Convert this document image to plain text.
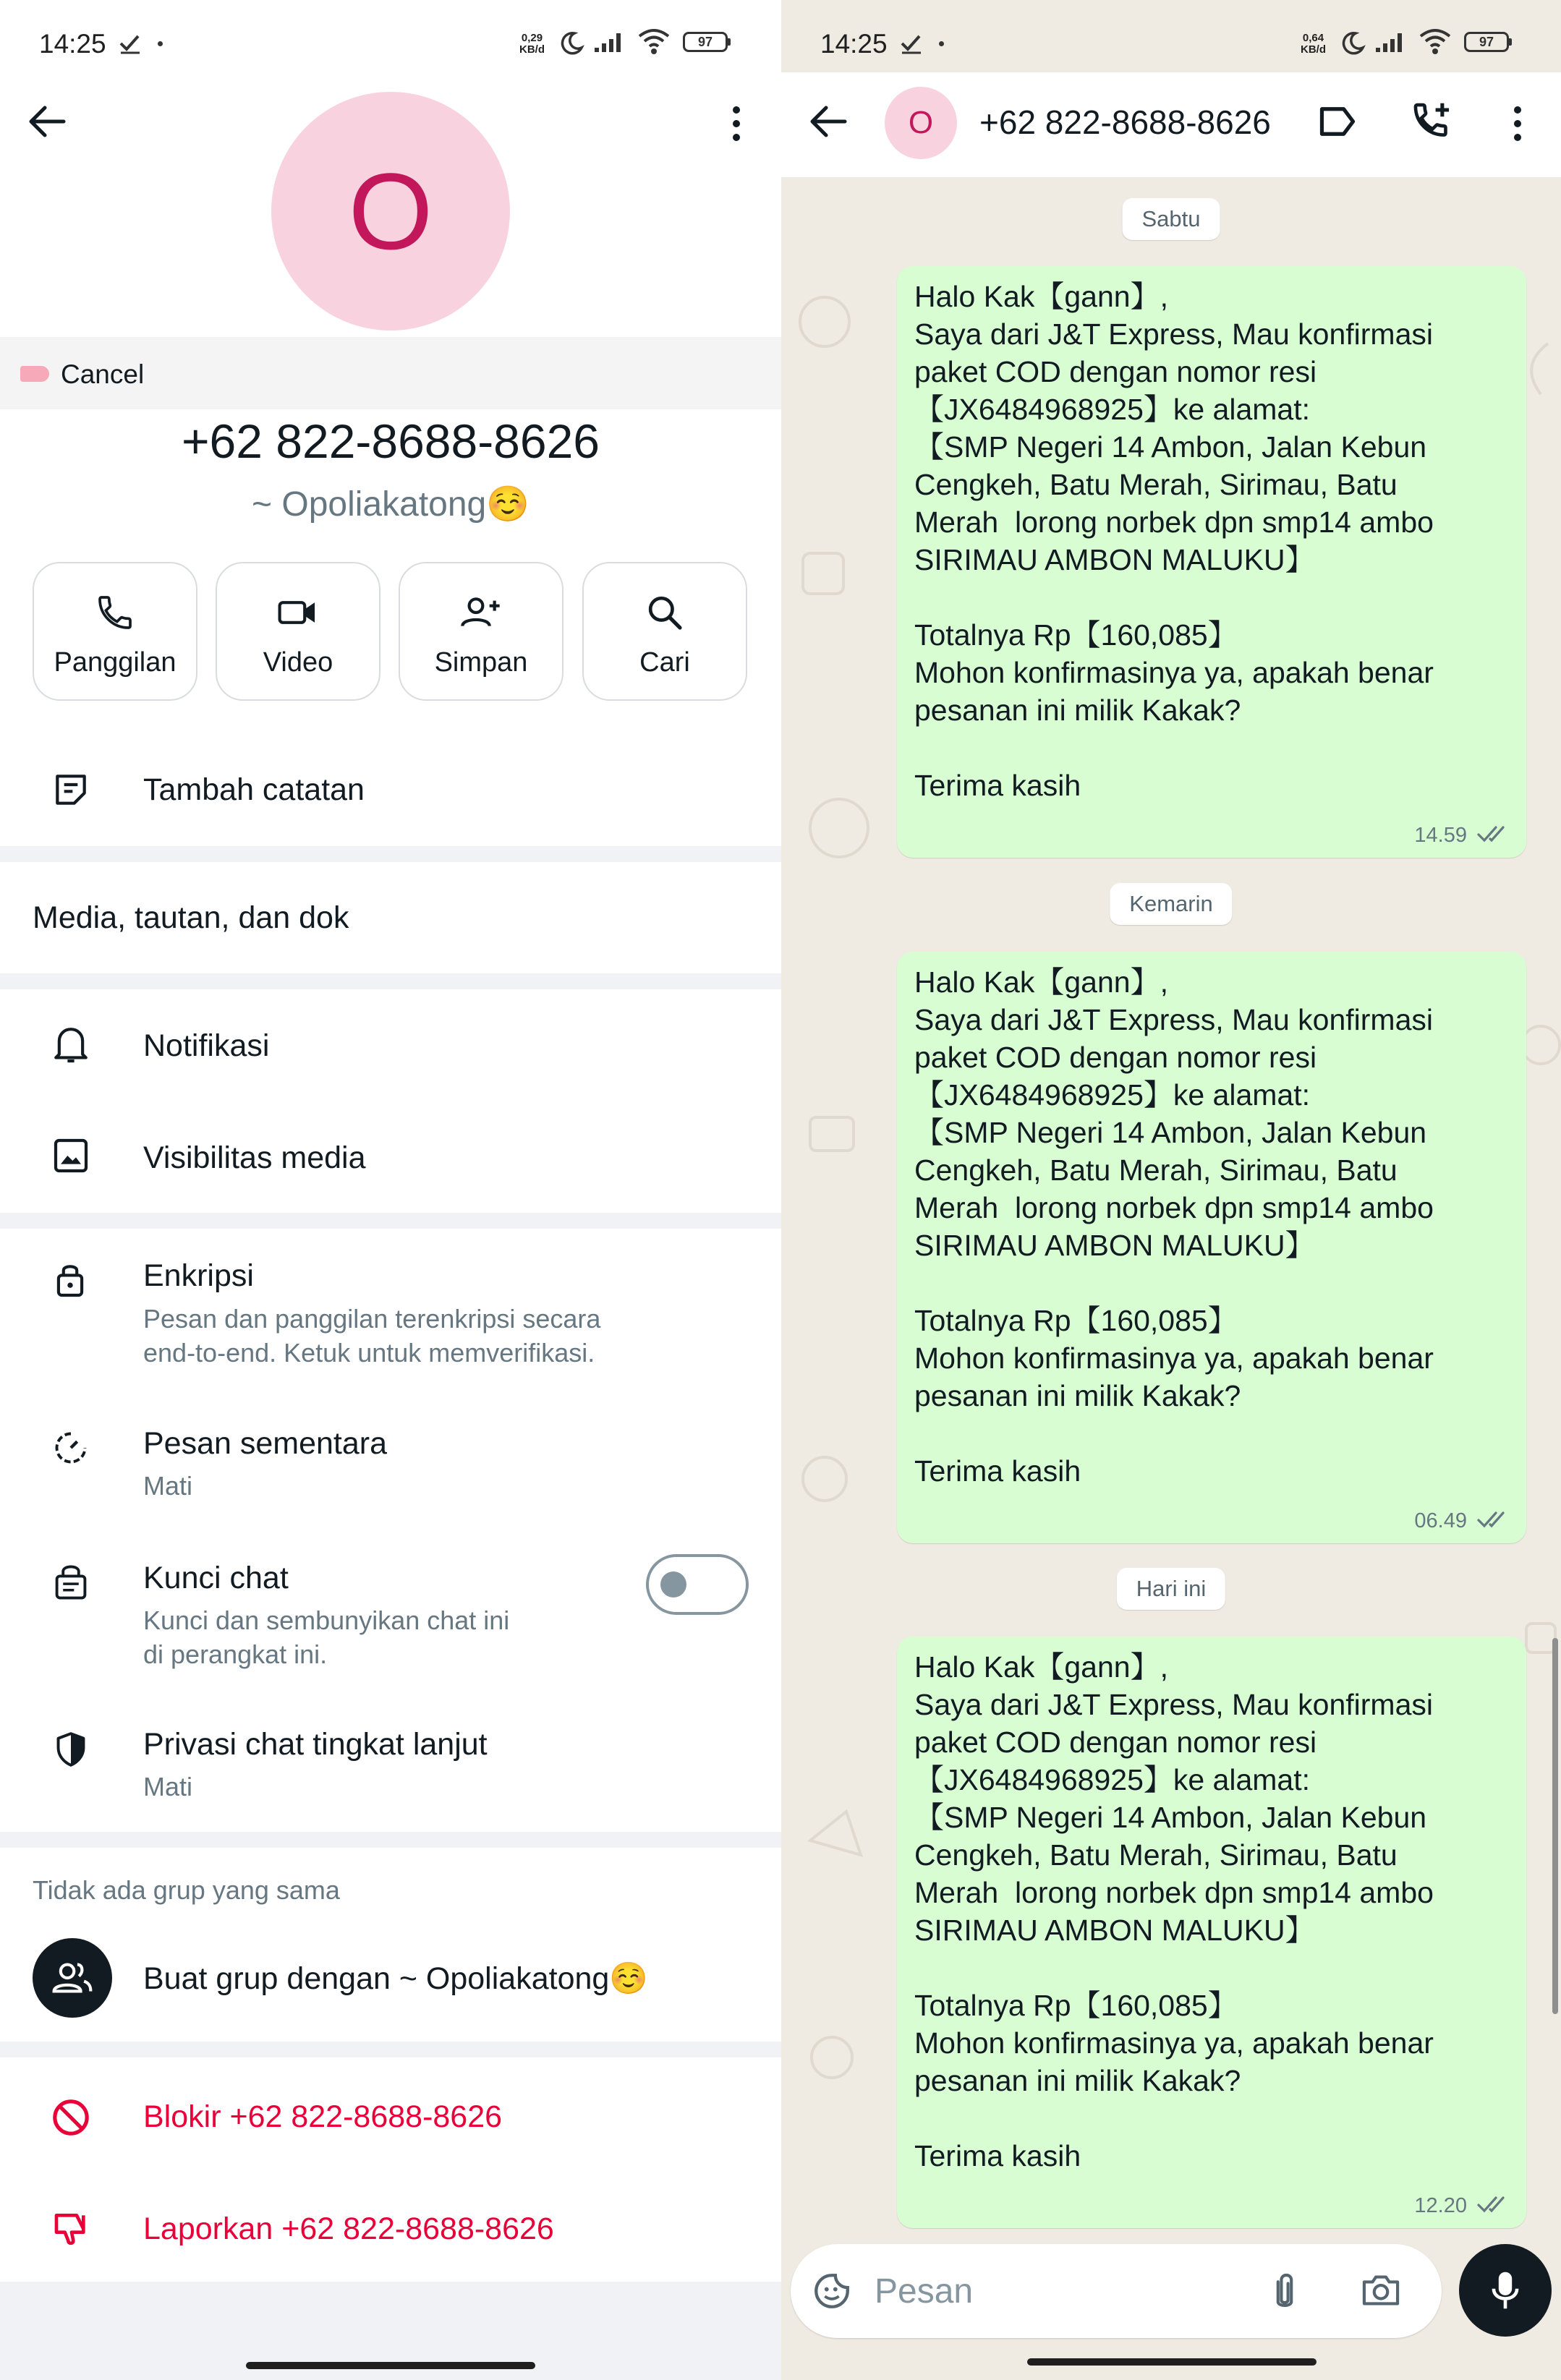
14:25	0,29
KB/d
97
O
Cancel
+62 822-8688-8626
~ Opoliakatong☺️
Panggilan	Video	Simpan	Cari
Tambah catatan
Media, tautan, dan dok
Notifikasi
Visibilitas media
Enkripsi
Pesan dan panggilan terenkripsi secara
end-to-end. Ketuk untuk memverifikasi.
Pesan sementara
Mati
Kunci chat
Kunci dan sembunyikan chat ini
di perangkat ini.
Privasi chat tingkat lanjut
Mati
Tidak ada grup yang sama
Buat grup dengan ~ Opoliakatong☺️
Blokir +62 822-8688-8626
Laporkan +62 822-8688-8626
14:25	0,64
KB/d
97
O	+62 822-8688-8626
Sabtu
Halo Kak【gann】,
Saya dari J&T Express, Mau konfirmasi
paket COD dengan nomor resi
【JX6484968925】ke alamat:
【SMP Negeri 14 Ambon, Jalan Kebun
Cengkeh, Batu Merah, Sirimau, Batu
Merah  lorong norbek dpn smp14 ambo
SIRIMAU AMBON MALUKU】

Totalnya Rp【160,085】
Mohon konfirmasinya ya, apakah benar
pesanan ini milik Kakak?

Terima kasih
14.59
Kemarin
Halo Kak【gann】,
Saya dari J&T Express, Mau konfirmasi
paket COD dengan nomor resi
【JX6484968925】ke alamat:
【SMP Negeri 14 Ambon, Jalan Kebun
Cengkeh, Batu Merah, Sirimau, Batu
Merah  lorong norbek dpn smp14 ambo
SIRIMAU AMBON MALUKU】

Totalnya Rp【160,085】
Mohon konfirmasinya ya, apakah benar
pesanan ini milik Kakak?

Terima kasih
06.49
Hari ini
Halo Kak【gann】,
Saya dari J&T Express, Mau konfirmasi
paket COD dengan nomor resi
【JX6484968925】ke alamat:
【SMP Negeri 14 Ambon, Jalan Kebun
Cengkeh, Batu Merah, Sirimau, Batu
Merah  lorong norbek dpn smp14 ambo
SIRIMAU AMBON MALUKU】

Totalnya Rp【160,085】
Mohon konfirmasinya ya, apakah benar
pesanan ini milik Kakak?

Terima kasih
12.20
Pesan
